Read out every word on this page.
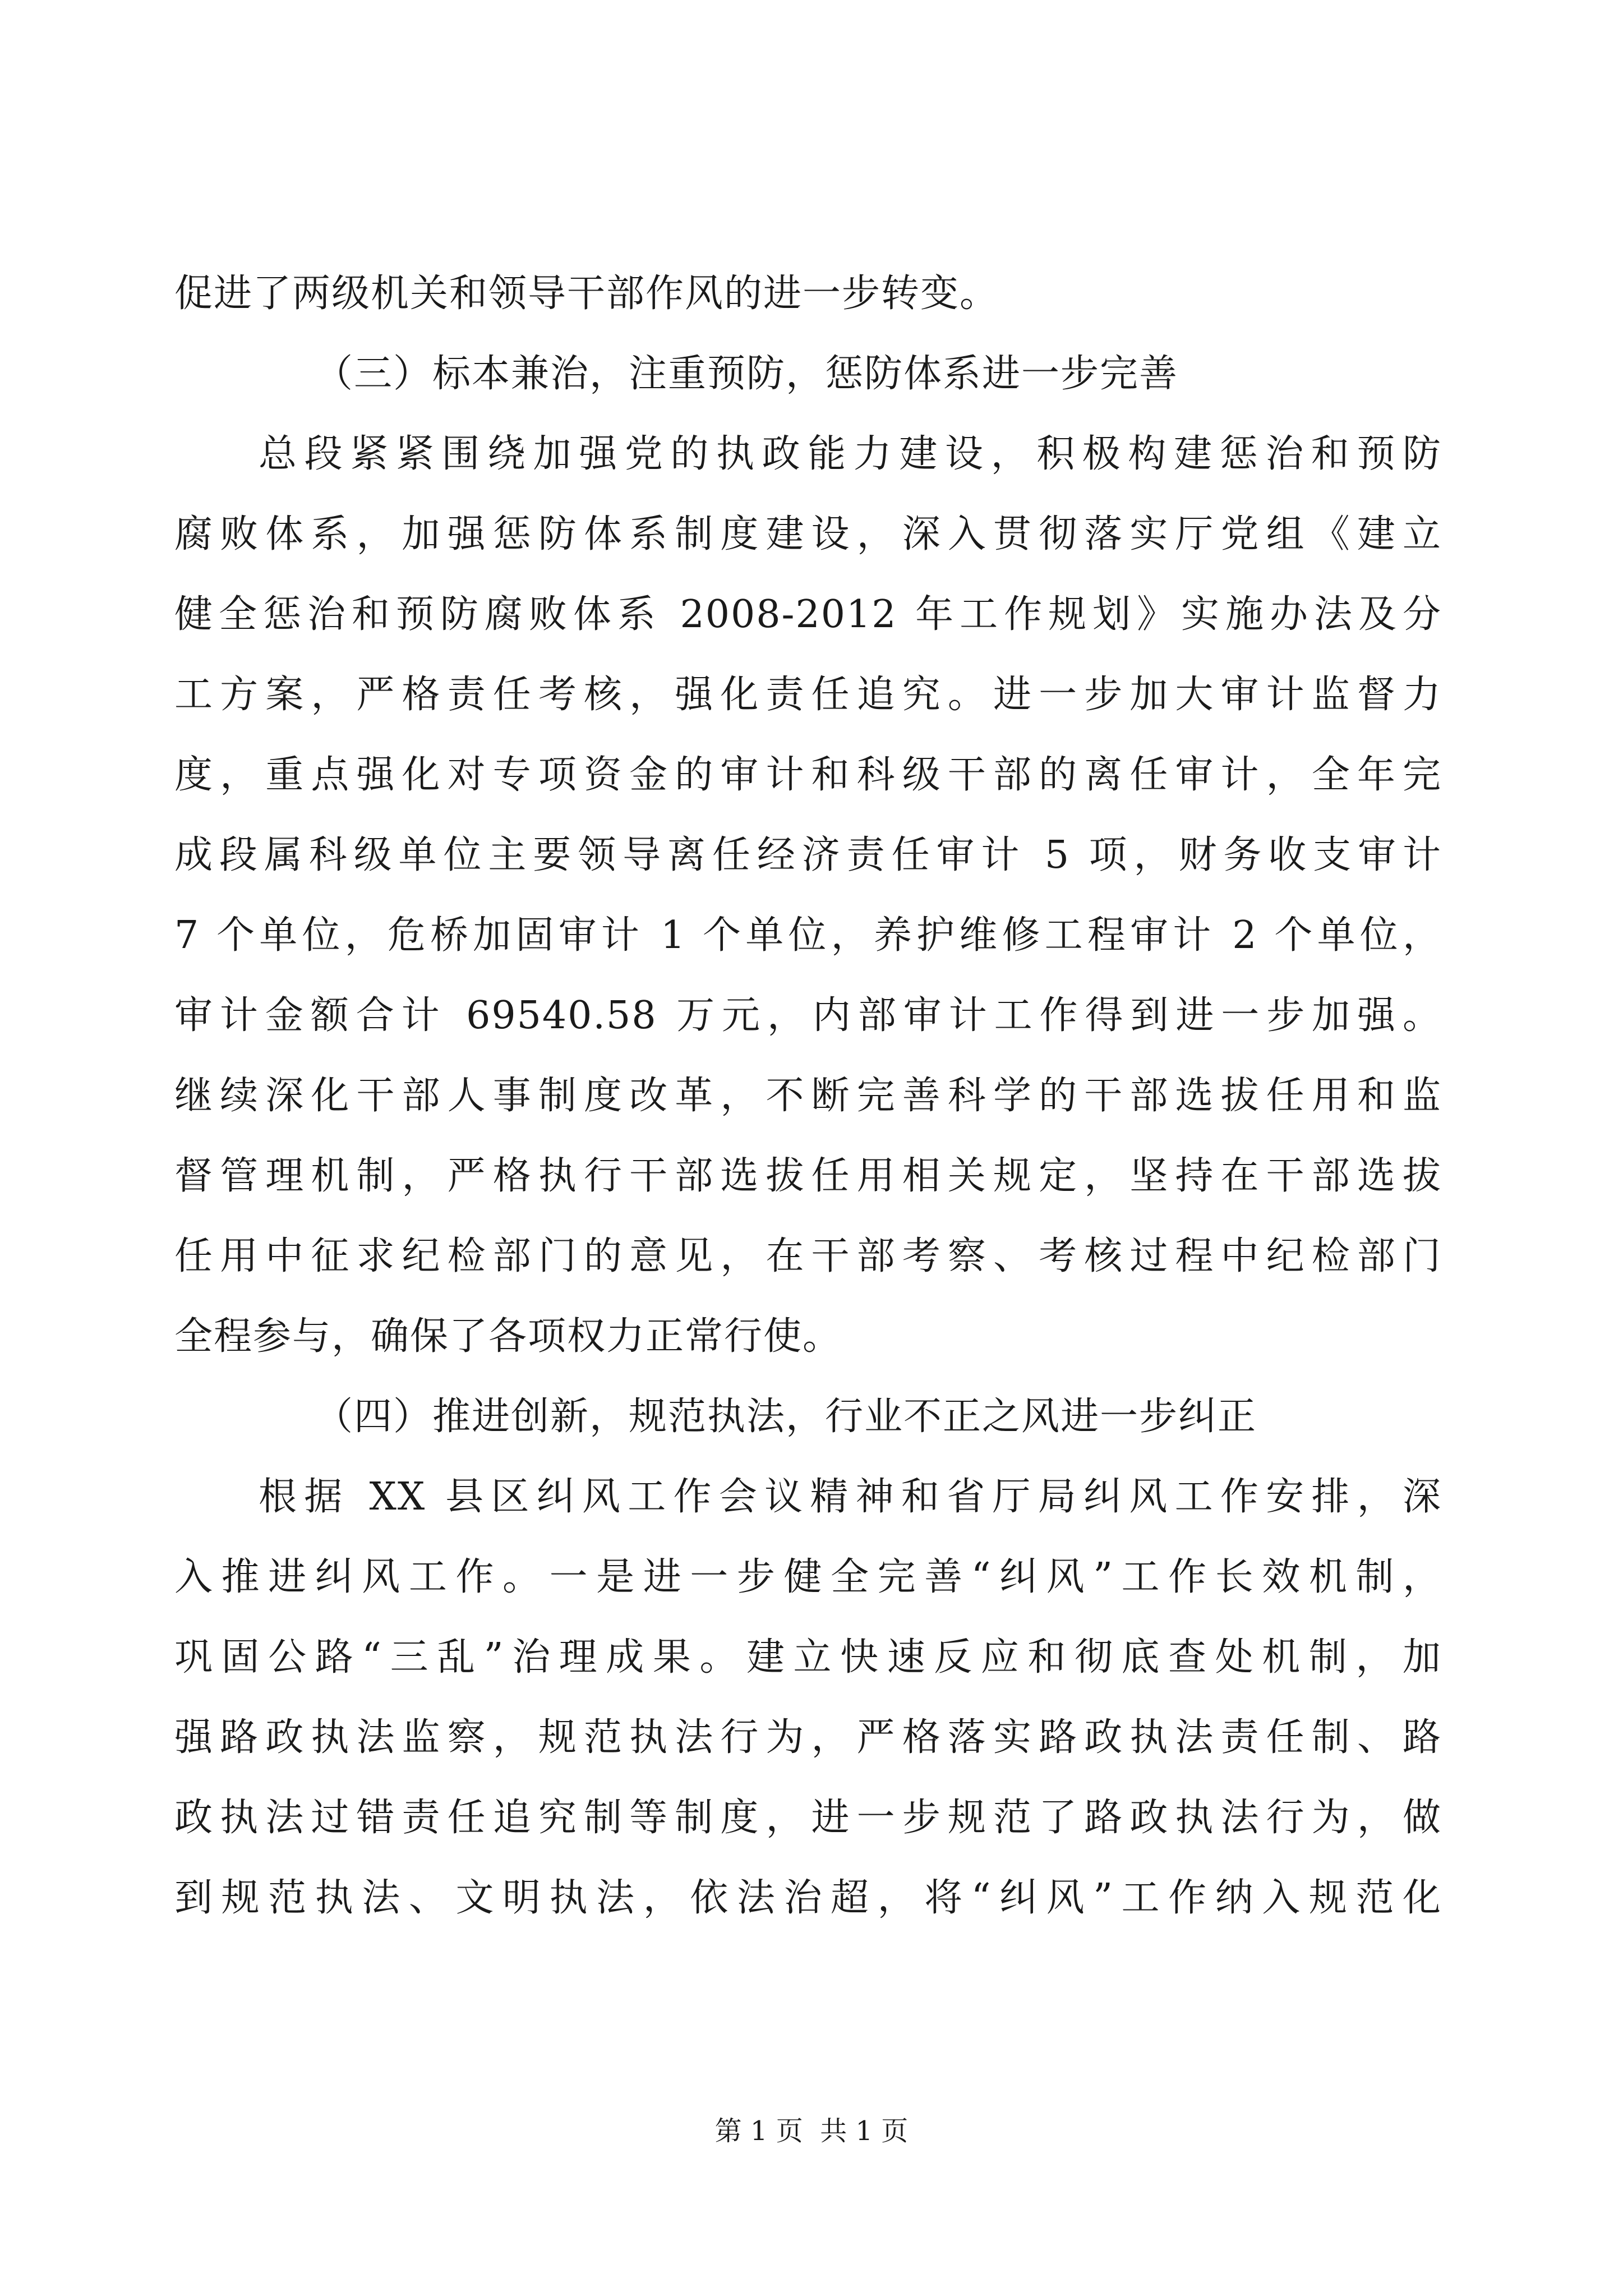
促进了两级机关和领导干部作风的进一步转变。
（三）标本兼治，注重预防，惩防体系进一步完善
总段紧紧围绕加强党的执政能力建设，积极构建惩治和预防
腐败体系，加强惩防体系制度建设，深入贯彻落实厅党组《建立
健全惩治和预防腐败体系 2008-2012 年工作规划》实施办法及分
工方案，严格责任考核，强化责任追究。进一步加大审计监督力
度，重点强化对专项资金的审计和科级干部的离任审计，全年完
成段属科级单位主要领导离任经济责任审计 5 项，财务收支审计
7 个单位，危桥加固审计 1 个单位，养护维修工程审计 2 个单位，
审计金额合计 69540.58 万元，内部审计工作得到进一步加强。
继续深化干部人事制度改革，不断完善科学的干部选拔任用和监
督管理机制，严格执行干部选拔任用相关规定，坚持在干部选拔
任用中征求纪检部门的意见，在干部考察、考核过程中纪检部门
全程参与，确保了各项权力正常行使。
（四）推进创新，规范执法，行业不正之风进一步纠正
根据 XX 县区纠风工作会议精神和省厅局纠风工作安排，深
入推进纠风工作。一是进一步健全完善“纠风”工作长效机制，
巩固公路“三乱”治理成果。建立快速反应和彻底查处机制，加
强路政执法监察，规范执法行为，严格落实路政执法责任制、路
政执法过错责任追究制等制度，进一步规范了路政执法行为，做
到规范执法、文明执法，依法治超，将“纠风”工作纳入规范化
第 1 页  共 1 页
